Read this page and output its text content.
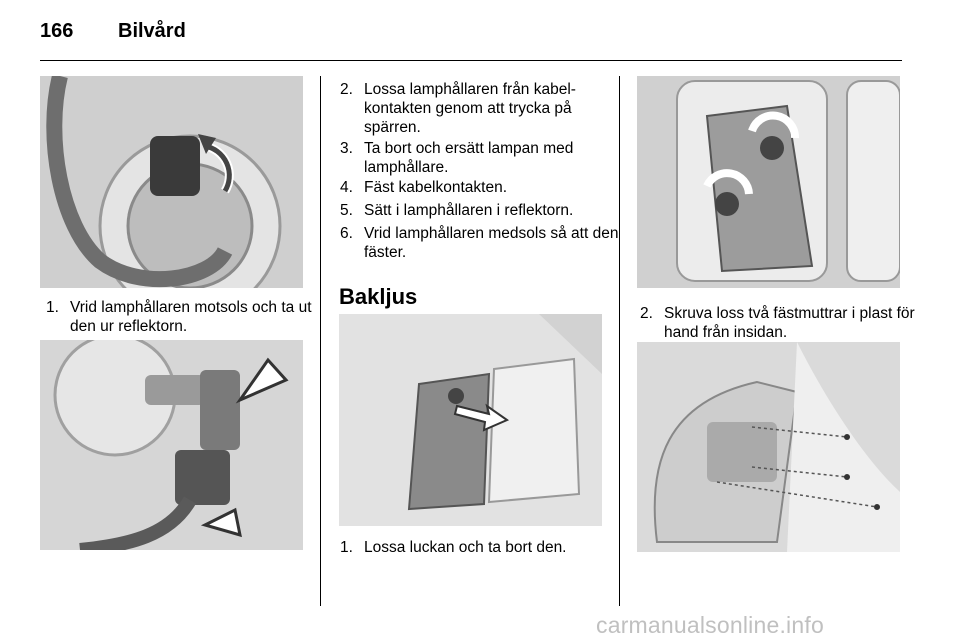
166 Bilvård

1. Vrid lamphållaren motsols och ta ut den ur reflektorn.

2. Lossa lamphållaren från kabel-kontakten genom att trycka på spärren.

3. Ta bort och ersätt lampan med lamphållare.

4. Fäst kabelkontakten.

5. Sätt i lamphållaren i reflektorn.

6. Vrid lamphållaren medsols så att den fäster.

Bakljus

1. Lossa luckan och ta bort den.

2. Skruva loss två fästmuttrar i plast för hand från insidan.

carmanualsonline.info
